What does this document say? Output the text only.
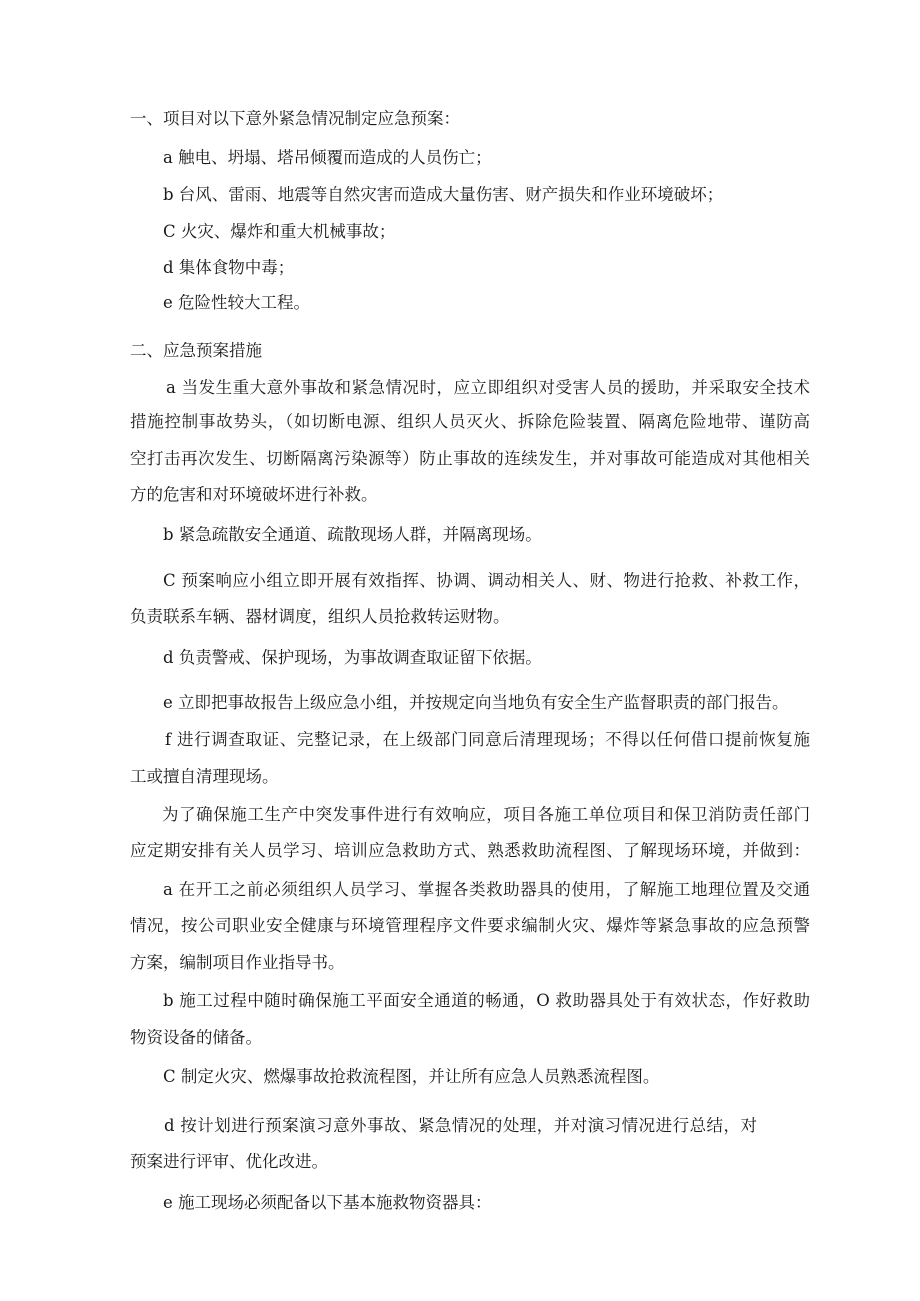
一、项目对以下意外紧急情况制定应急预案：

a 触电、坍塌、塔吊倾覆而造成的人员伤亡；

b 台风、雷雨、地震等自然灾害而造成大量伤害、财产损失和作业环境破坏；

C 火灾、爆炸和重大机械事故；

d 集体食物中毒；

e 危险性较大工程。

二、应急预案措施

a 当发生重大意外事故和紧急情况时，应立即组织对受害人员的援助，并采取安全技术

措施控制事故势头，（如切断电源、组织人员灭火、拆除危险装置、隔离危险地带、谨防高

空打击再次发生、切断隔离污染源等）防止事故的连续发生，并对事故可能造成对其他相关

方的危害和对环境破坏进行补救。

b 紧急疏散安全通道、疏散现场人群，并隔离现场。

C 预案响应小组立即开展有效指挥、协调、调动相关人、财、物进行抢救、补救工作，

负责联系车辆、器材调度，组织人员抢救转运财物。

d 负责警戒、保护现场，为事故调查取证留下依据。

e 立即把事故报告上级应急小组，并按规定向当地负有安全生产监督职责的部门报告。

f 进行调查取证、完整记录，在上级部门同意后清理现场；不得以任何借口提前恢复施

工或擅自清理现场。

为了确保施工生产中突发事件进行有效响应，项目各施工单位项目和保卫消防责任部门

应定期安排有关人员学习、培训应急救助方式、熟悉救助流程图、了解现场环境，并做到：

a 在开工之前必须组织人员学习、掌握各类救助器具的使用，了解施工地理位置及交通

情况，按公司职业安全健康与环境管理程序文件要求编制火灾、爆炸等紧急事故的应急预警

方案，编制项目作业指导书。

b 施工过程中随时确保施工平面安全通道的畅通，O 救助器具处于有效状态，作好救助

物资设备的储备。

C 制定火灾、燃爆事故抢救流程图，并让所有应急人员熟悉流程图。

d 按计划进行预案演习意外事故、紧急情况的处理，并对演习情况进行总结，对

预案进行评审、优化改进。

e 施工现场必须配备以下基本施救物资器具：
